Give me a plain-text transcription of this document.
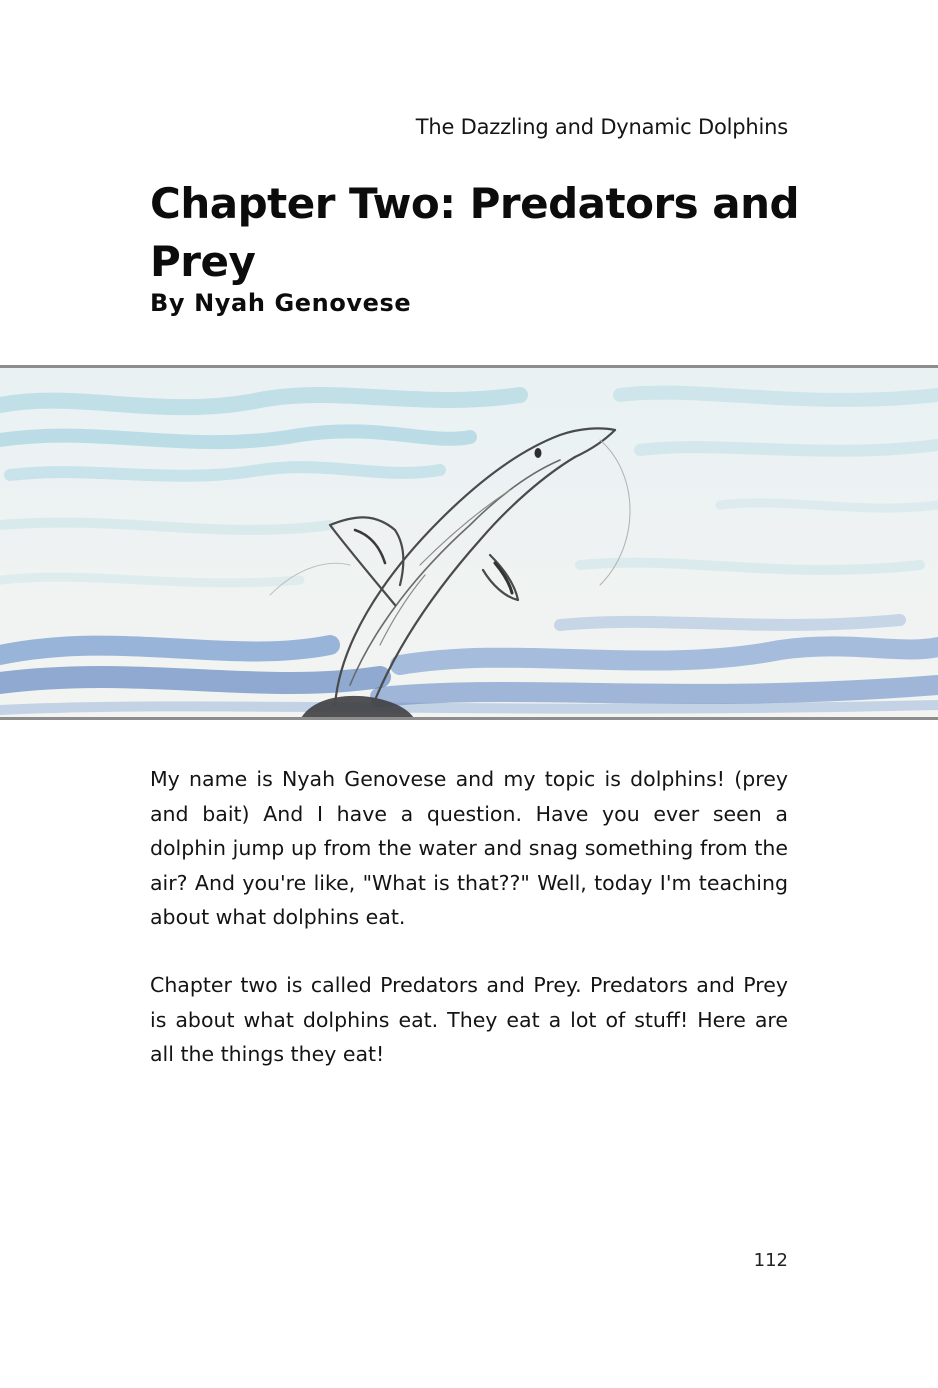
The Dazzling and Dynamic Dolphins
Chapter Two: Predators and Prey
By Nyah Genovese

My name is Nyah Genovese and my topic is dolphins! (prey and bait) And I have a question. Have you ever seen a dolphin jump up from the water and snag something from the air? And you're like, "What is that??" Well, today I'm teaching about what dolphins eat.

Chapter two is called Predators and Prey. Predators and Prey is about what dolphins eat. They eat a lot of stuff! Here are all the things they eat!

112
